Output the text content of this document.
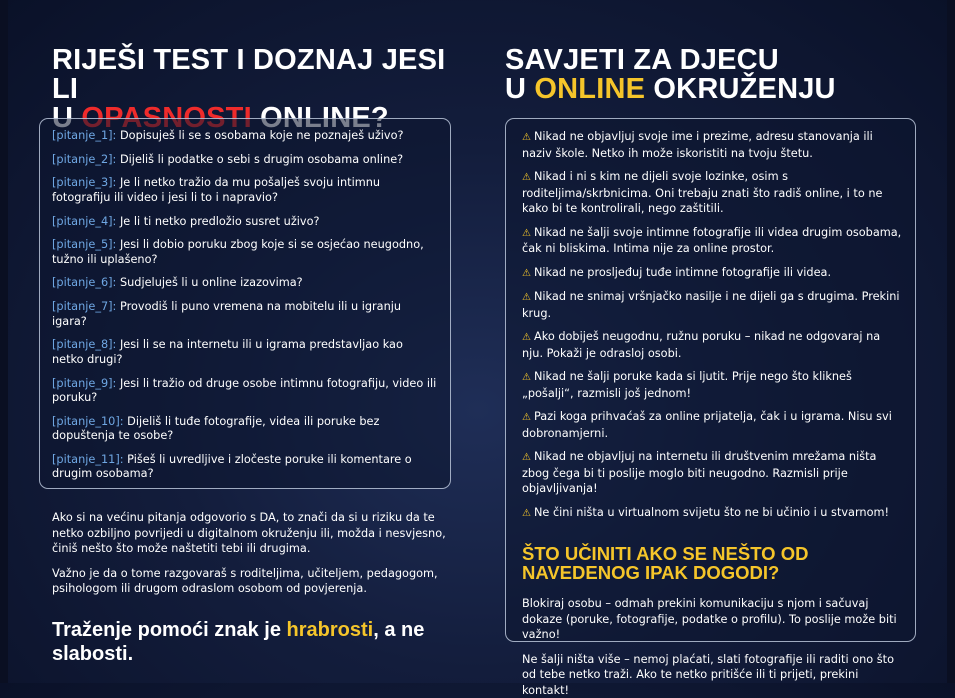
RIJEŠI TEST I DOZNAJ JESI LI

[pitanje_1]: Dopisuješ li se s osobama koje ne poznaješ uživo?
[pitanje_2]: Dijeliš li podatke o sebi s drugim osobama online?
[pitanje_3]: Je li netko tražio da mu pošalješ svoju intimnu fotografiju ili video i jesi li to i napravio?
[pitanje_4]: Je li ti netko predložio susret uživo?
[pitanje_5]: Jesi li dobio poruku zbog koje si se osjećao neugodno, tužno ili uplašeno?
[pitanje_6]: Sudjeluješ li u online izazovima?
[pitanje_7]: Provodiš li puno vremena na mobitelu ili u igranju igara?
[pitanje_8]: Jesi li se na internetu ili u igrama predstavljao kao netko drugi?
[pitanje_9]: Jesi li tražio od druge osobe intimnu fotografiju, video ili poruku?
[pitanje_10]: Dijeliš li tuđe fotografije, videa ili poruke bez dopuštenja te osobe?
[pitanje_11]: Pišeš li uvredljive i zločeste poruke ili komentare o drugim osobama?

Ako si na većinu pitanja odgovorio s DA, to znači da si u riziku da te netko ozbiljno povrijedi u digitalnom okruženju ili, možda i nesvjesno, činiš nešto što može naštetiti tebi ili drugima.

Važno je da o tome razgovaraš s roditeljima, učiteljem, pedagogom, psihologom ili drugom odraslom osobom od povjerenja.

Traženje pomoći znak je hrabrosti, a ne slabosti.
SAVJETI ZA DJECU
U ONLINE OKRUŽENJU
⚠ Nikad ne objavljuj svoje ime i prezime, adresu stanovanja ili naziv škole. Netko ih može iskoristiti na tvoju štetu.
⚠ Nikad i ni s kim ne dijeli svoje lozinke, osim s roditeljima/skrbnicima. Oni trebaju znati što radiš online, i to ne kako bi te kontrolirali, nego zaštitili.
⚠ Nikad ne šalji svoje intimne fotografije ili videa drugim osobama, čak ni bliskima. Intima nije za online prostor.
⚠ Nikad ne prosljeđuj tuđe intimne fotografije ili videa.
⚠ Nikad ne snimaj vršnjačko nasilje i ne dijeli ga s drugima. Prekini krug.
⚠ Ako dobiješ neugodnu, ružnu poruku – nikad ne odgovaraj na nju. Pokaži je odraslој osobi.
⚠ Nikad ne šalji poruke kada si ljutit. Prije nego što klikneš „pošalji“, razmisli još jednom!
⚠ Pazi koga prihvaćaš za online prijatelja, čak i u igrama. Nisu svi dobronamjerni.
⚠ Nikad ne objavljuj na internetu ili društvenim mrežama ništa zbog čega bi ti poslije moglo biti neugodno. Razmisli prije objavljivanja!
⚠ Ne čini ništa u virtualnom svijetu što ne bi učinio i u stvarnom!
ŠTO UČINITI AKO SE NEŠTO OD NAVEDENOG IPAK DOGODI?
Blokiraj osobu – odmah prekini komunikaciju s njom i sačuvaj dokaze (poruke, fotografije, podatke o profilu). To poslije može biti važno!
Ne šalji ništa više – nemoj plaćati, slati fotografije ili raditi ono što od tebe netko traži. Ako te netko pritišće ili ti prijeti, prekini kontakt!
